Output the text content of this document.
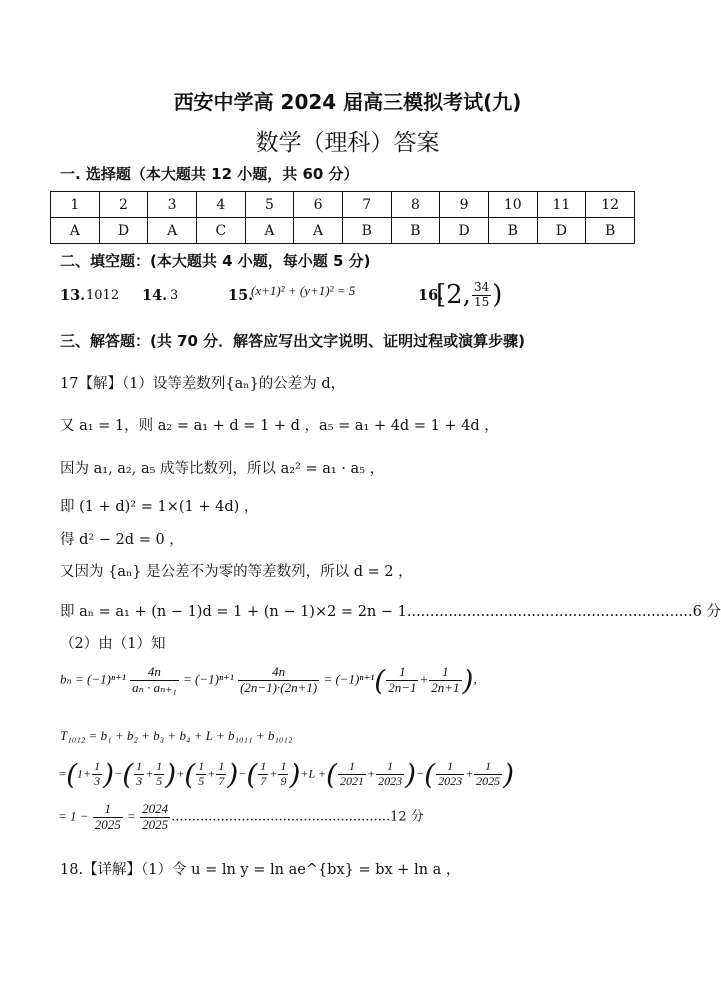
西安中学高 2024 届高三模拟考试(九)
数学（理科）答案
一. 选择题（本大题共 12 小题，共 60 分）
1	2	3	4	5	6	7	8	9	10	11	12
A	D	A	C	A	A	B	B	D	B	D	B
二、填空题：(本大题共 4 小题，每小题 5 分)
13. 1012 14. 3	15.
(x+1)² + (y+1)² = 5	16.
[2, $\frac{34}{15}$ )
三、解答题：(共 70 分．解答应写出文字说明、证明过程或演算步骤)
17【解】（1）设等差数列{aₙ}的公差为 d，
又 a₁ = 1，则 a₂ = a₁ + d = 1 + d ，a₅ = a₁ + 4d = 1 + 4d ，
因为 a₁, a₂, a₅ 成等比数列，所以 a₂² = a₁ · a₅ ，
即 (1 + d)² = 1×(1 + 4d) ，
得 d² − 2d = 0 ，
又因为 {aₙ} 是公差不为零的等差数列，所以 d = 2 ，
即 aₙ = a₁ + (n − 1)d = 1 + (n − 1)×2 = 2n − 1..............................................................6 分
（2）由（1）知
$b_n = (-1)^{n+1} \frac{4n}{\text{aₙ · aₙ₊₁}} = (-1)^{n+1} \frac{4n}{(2n-1)\cdot(2n+1)} = (-1)^{n+1}( \frac{1}{2n-1} + \frac{1}{2n+1}$ ),
T₁₀₁₂ = b₁ + b₂ + b₃ + b₄ + L + b₁₀₁₁ + b₁₀₁₂
$=(1+ \frac{1}{3}$ )−( $\frac{1}{3} + \frac{1}{5}$ )+( $\frac{1}{5} + \frac{1}{7}$ )−( $\frac{1}{7} + \frac{1}{9} )+L$ +( $\frac{1}{2021} + \frac{1}{2023}$ )−( $\frac{1}{2023} + \frac{1}{2025}$ )
= $1 - \frac{1}{2025} = \frac{2024}{2025} .....................................................12$ 分
18.【详解】（1）令 u = ln y = ln ae^{bx} = bx + ln a ，
